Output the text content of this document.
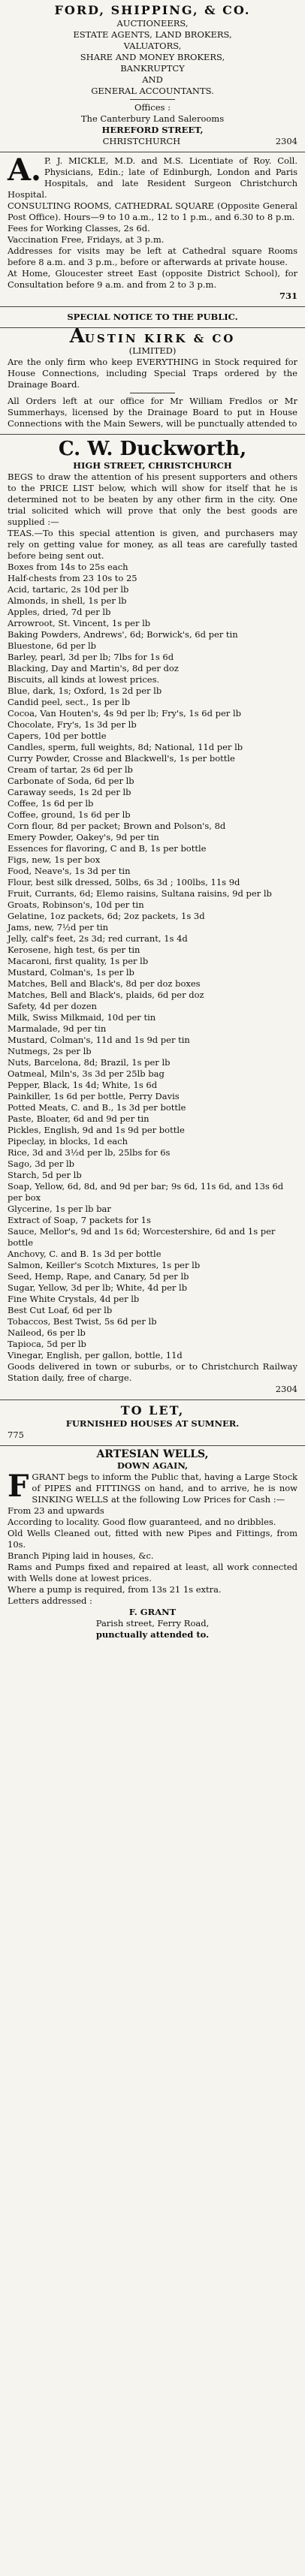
FORD, SHIPPING, & CO.
AUCTIONEERS,
ESTATE AGENTS, LAND BROKERS,
VALUATORS,
SHARE AND MONEY BROKERS,
BANKRUPTCY
AND
GENERAL ACCOUNTANTS.
Offices :
The Canterbury Land Salerooms
HEREFORD STREET,
CHRISTCHURCH	2304
A. P. J. MICKLE, M.D. and M.S. Licentiate of Roy. Coll. Physicians, Edin.; late of Edinburgh, London and Paris Hospitals, and late Resident Surgeon Christchurch Hospital.
CONSULTING ROOMS, CATHEDRAL SQUARE (Opposite General Post Office). Hours—9 to 10 a.m., 12 to 1 p.m., and 6.30 to 8 p.m.
Fees for Working Classes, 2s 6d.
Vaccination Free, Fridays, at 3 p.m.
Addresses for visits may be left at Cathedral square Rooms before 8 a.m. and 3 p.m., before or afterwards at private house.
At Home, Gloucester street East (opposite District School), for Consultation before 9 a.m. and from 2 to 3 p.m.
731
SPECIAL NOTICE TO THE PUBLIC.
AUSTIN KIRK & CO
(LIMITED)
Are the only firm who keep EVERYTHING in Stock required for House Connections, including Special Traps ordered by the Drainage Board.
All Orders left at our office for Mr William Fredlos or Mr Summerhays, licensed by the Drainage Board to put in House Connections with the Main Sewers, will be punctually attended to
C. W. Duckworth,
HIGH STREET, CHRISTCHURCH
BEGS to draw the attention of his present supporters and others to the PRICE LIST below, which will show for itself that he is determined not to be beaten by any other firm in the city. One trial solicited which will prove that only the best goods are supplied :—
TEAS.—To this special attention is given, and purchasers may rely on getting value for money, as all teas are carefully tasted before being sent out.
Boxes from 14s to 25s each
Half-chests from 23 10s to 25
Acid, tartaric, 2s 10d per lb
Almonds, in shell, 1s per lb
Apples, dried, 7d per lb
Arrowroot, St. Vincent, 1s per lb
Baking Powders, Andrews', 6d; Borwick's, 6d per tin
Bluestone, 6d per lb
Barley, pearl, 3d per lb; 7lbs for 1s 6d
Blacking, Day and Martin's, 8d per doz
Biscuits, all kinds at lowest prices.
Blue, dark, 1s; Oxford, 1s 2d per lb
Candid peel, sect., 1s per lb
Cocoa, Van Houten's, 4s 9d per lb; Fry's, 1s 6d per lb
Chocolate, Fry's, 1s 3d per lb
Capers, 10d per bottle
Candles, sperm, full weights, 8d; National, 11d per lb
Curry Powder, Crosse and Blackwell's, 1s per bottle
Cream of tartar, 2s 6d per lb
Carbonate of Soda, 6d per lb
Caraway seeds, 1s 2d per lb
Coffee, 1s 6d per lb
Coffee, ground, 1s 6d per lb
Corn flour, 8d per packet; Brown and Polson's, 8d
Emery Powder, Oakey's, 9d per tin
Essences for flavoring, C and B, 1s per bottle
Figs, new, 1s per box
Food, Neave's, 1s 3d per tin
Flour, best silk dressed, 50lbs, 6s 3d ; 100lbs, 11s 9d
Fruit, Currants, 6d; Elemo raisins, Sultana raisins, 9d per lb
Groats, Robinson's, 10d per tin
Gelatine, 1oz packets, 6d; 2oz packets, 1s 3d
Jams, new, 7½d per tin
Jelly, calf's feet, 2s 3d; red currant, 1s 4d
Kerosene, high test, 6s per tin
Macaroni, first quality, 1s per lb
Mustard, Colman's, 1s per lb
Matches, Bell and Black's, 8d per doz boxes
Matches, Bell and Black's, plaids, 6d per doz
Safety, 4d per dozen
Milk, Swiss Milkmaid, 10d per tin
Marmalade, 9d per tin
Mustard, Colman's, 11d and 1s 9d per tin
Nutmegs, 2s per lb
Nuts, Barcelona, 8d; Brazil, 1s per lb
Oatmeal, Miln's, 3s 3d per 25lb bag
Pepper, Black, 1s 4d; White, 1s 6d
Painkiller, 1s 6d per bottle, Perry Davis
Potted Meats, C. and B., 1s 3d per bottle
Paste, Bloater, 6d and 9d per tin
Pickles, English, 9d and 1s 9d per bottle
Pipeclay, in blocks, 1d each
Rice, 3d and 3½d per lb, 25lbs for 6s
Sago, 3d per lb
Starch, 5d per lb
Soap, Yellow, 6d, 8d, and 9d per bar; 9s 6d, 11s 6d, and 13s 6d per box
Glycerine, 1s per lb bar
Extract of Soap, 7 packets for 1s
Sauce, Mellor's, 9d and 1s 6d; Worcestershire, 6d and 1s per bottle
Anchovy, C. and B. 1s 3d per bottle
Salmon, Keiller's Scotch Mixtures, 1s per lb
Seed, Hemp, Rape, and Canary, 5d per lb
Sugar, Yellow, 3d per lb; White, 4d per lb
Fine White Crystals, 4d per lb
Best Cut Loaf, 6d per lb
Tobaccos, Best Twist, 5s 6d per lb
Naileod, 6s per lb
Tapioca, 5d per lb
Vinegar, English, per gallon, bottle, 11d
Goods delivered in town or suburbs, or to Christchurch Railway Station daily, free of charge.
2304
TO LET,
FURNISHED HOUSES AT SUMNER.
775
ARTESIAN WELLS,
DOWN AGAIN,
FGRANT begs to inform the Public that, having a Large Stock of PIPES and FITTINGS on hand, and to arrive, he is now SINKING WELLS at the following Low Prices for Cash :—
From 23 and upwards
According to locality. Good flow guaranteed, and no dribbles.
Old Wells Cleaned out, fitted with new Pipes and Fittings, from 10s.
Branch Piping laid in houses, &c.
Rams and Pumps fixed and repaired at least, all work connected with Wells done at lowest prices.
Where a pump is required, from 13s 21 1s extra.
Letters addressed :
F. GRANT
Parish street, Ferry Road,
punctually attended to.
